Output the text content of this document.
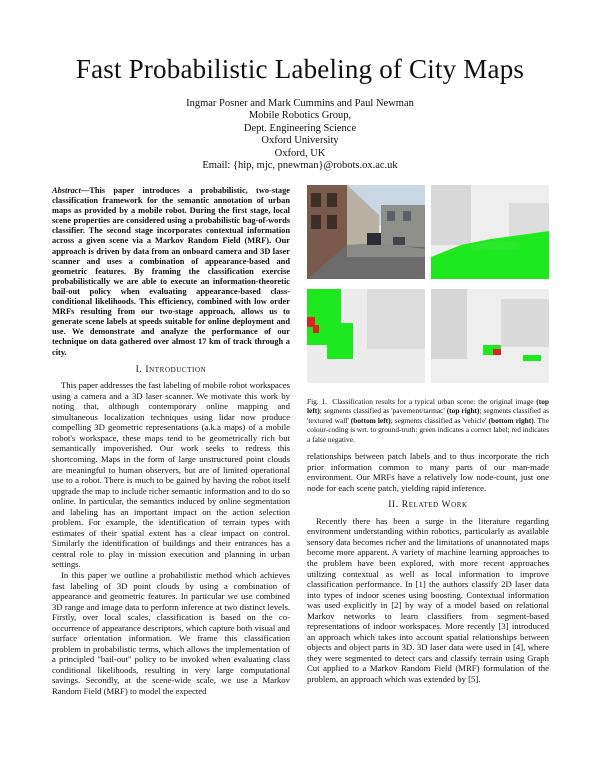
Fast Probabilistic Labeling of City Maps
Ingmar Posner and Mark Cummins and Paul Newman
Mobile Robotics Group,
Dept. Engineering Science
Oxford University
Oxford, UK
Email: {hip, mjc, pnewman}@robots.ox.ac.uk

Abstract—This paper introduces a probabilistic, two-stage classification framework for the semantic annotation of urban maps as provided by a mobile robot. During the first stage, local scene properties are considered using a probabilistic bag-of-words classifier. The second stage incorporates contextual information across a given scene via a Markov Random Field (MRF). Our approach is driven by data from an onboard camera and 3D laser scanner and uses a combination of appearance-based and geometric features. By framing the classification exercise probabilistically we are able to execute an information-theoretic bail-out policy when evaluating appearance-based class-conditional likelihoods. This efficiency, combined with low order MRFs resulting from our two-stage approach, allows us to generate scene labels at speeds suitable for online deployment and use. We demonstrate and analyze the performance of our technique on data gathered over almost 17 km of track through a city.

I. Introduction

This paper addresses the fast labeling of mobile robot workspaces using a camera and a 3D laser scanner. We motivate this work by noting that, although contemporary online mapping and simultaneous localization techniques using lidar now produce compelling 3D geometric representations (a.k.a maps) of a mobile robot's workspace, these maps tend to be geometrically rich but semantically impoverished. Our work seeks to redress this shortcoming. Maps in the form of large unstructured point clouds are meaningful to human observers, but are of limited operational use to a robot. There is much to be gained by having the robot itself upgrade the map to include richer semantic information and to do so online. In particular, the semantics induced by online segmentation and labeling has an important impact on the action selection problem. For example, the identification of terrain types with estimates of their spatial extent has a clear impact on control. Similarly the identification of buildings and their entrances has a central role to play in mission execution and planning in urban settings.

In this paper we outline a probabilistic method which achieves fast labeling of 3D point clouds by using a combination of appearance and geometric features. In particular we use combined 3D range and image data to perform inference at two distinct levels. Firstly, over local scales, classification is based on the co-occurrence of appearance descriptors, which capture both visual and surface orientation information. We frame this classification problem in probabilistic terms, which allows the implementation of a principled "bail-out" policy to be invoked when evaluating class conditional likelihoods, resulting in very large computational savings. Secondly, at the scene-wide scale, we use a Markov Random Field (MRF) to model the expected

Fig. 1. Classification results for a typical urban scene: the original image (top left); segments classified as 'pavement/tarmac' (top right); segments classified as 'textured wall' (bottom left); segments classified as 'vehicle' (bottom right). The colour-coding is wrt. to ground-truth: green indicates a correct label; red indicates a false negative.

relationships between patch labels and to thus incorporate the rich prior information common to many parts of our man-made environment. Our MRFs have a relatively low node-count, just one node for each scene patch, yielding rapid inference.

II. Related Work

Recently there has been a surge in the literature regarding environment understanding within robotics, particularly as available sensory data becomes richer and the limitations of unannotated maps become more apparent. A variety of machine learning approaches to the problem have been explored, with more recent approaches utilizing contextual as well as local information to improve classification performance. In [1] the authors classify 2D laser data into types of indoor scenes using boosting. Contextual information was used explicitly in [2] by way of a model based on relational Markov networks to learn classifiers from segment-based representations of indoor workspaces. More recently [3] introduced an approach which takes into account spatial relationships between objects and object parts in 3D. 3D laser data were used in [4], where they were segmented to detect cars and classify terrain using Graph Cut applied to a Markov Random Field (MRF) formulation of the problem, an approach which was extended by [5].
